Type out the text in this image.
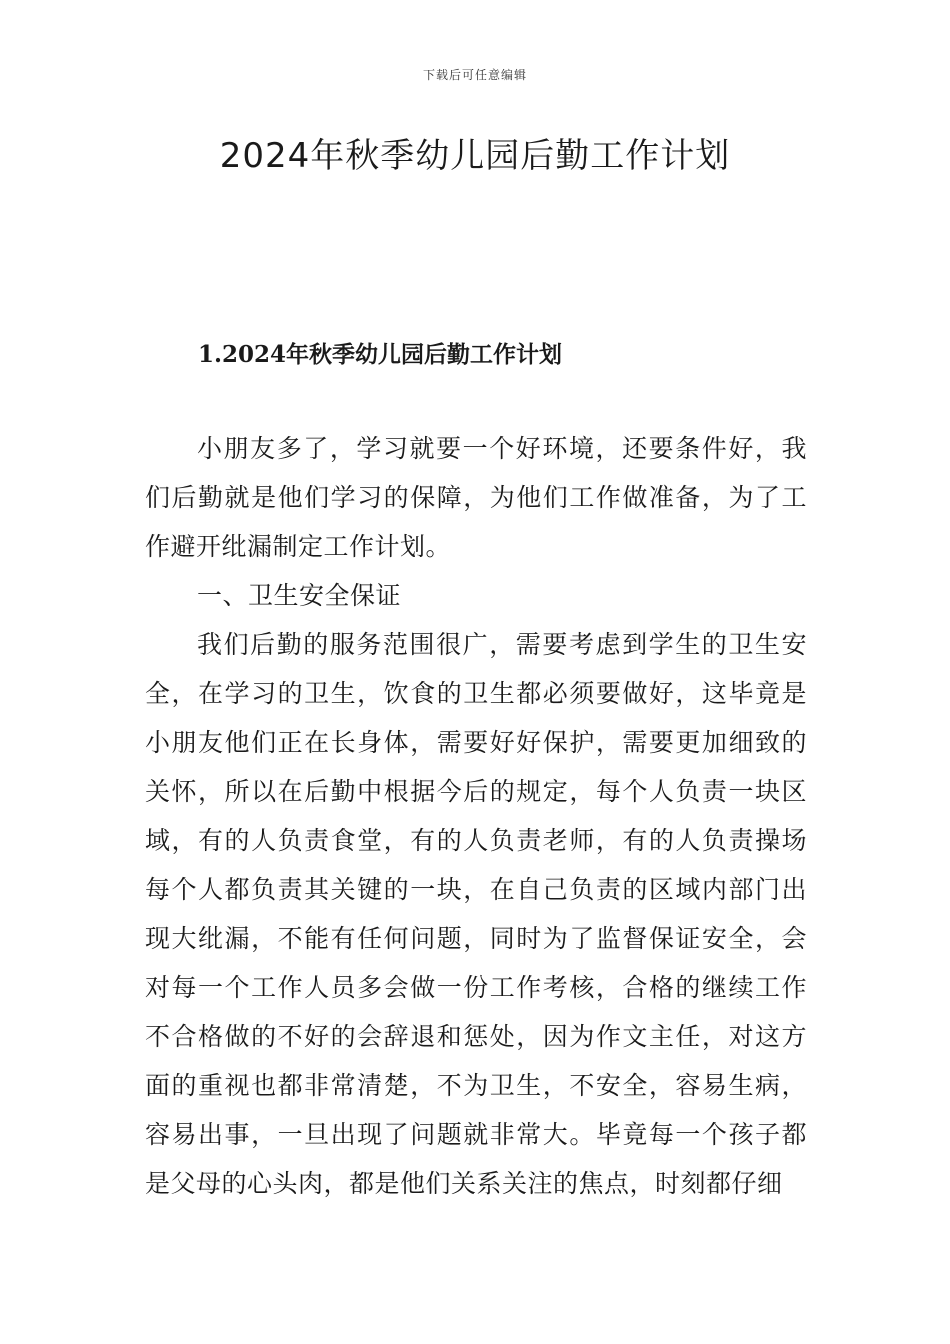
下载后可任意编辑
2024年秋季幼儿园后勤工作计划
1.2024年秋季幼儿园后勤工作计划

小朋友多了，学习就要一个好环境，还要条件好，我们后勤就是他们学习的保障，为他们工作做准备，为了工作避开纰漏制定工作计划。

一、卫生安全保证

我们后勤的服务范围很广，需要考虑到学生的卫生安全，在学习的卫生，饮食的卫生都必须要做好，这毕竟是小朋友他们正在长身体，需要好好保护，需要更加细致的关怀，所以在后勤中根据今后的规定，每个人负责一块区域，有的人负责食堂，有的人负责老师，有的人负责操场每个人都负责其关键的一块，在自己负责的区域内部门出现大纰漏，不能有任何问题，同时为了监督保证安全，会对每一个工作人员多会做一份工作考核，合格的继续工作不合格做的不好的会辞退和惩处，因为作文主任，对这方面的重视也都非常清楚，不为卫生，不安全，容易生病，容易出事，一旦出现了问题就非常大。毕竟每一个孩子都是父母的心头肉，都是他们关系关注的焦点，时刻都仔细
